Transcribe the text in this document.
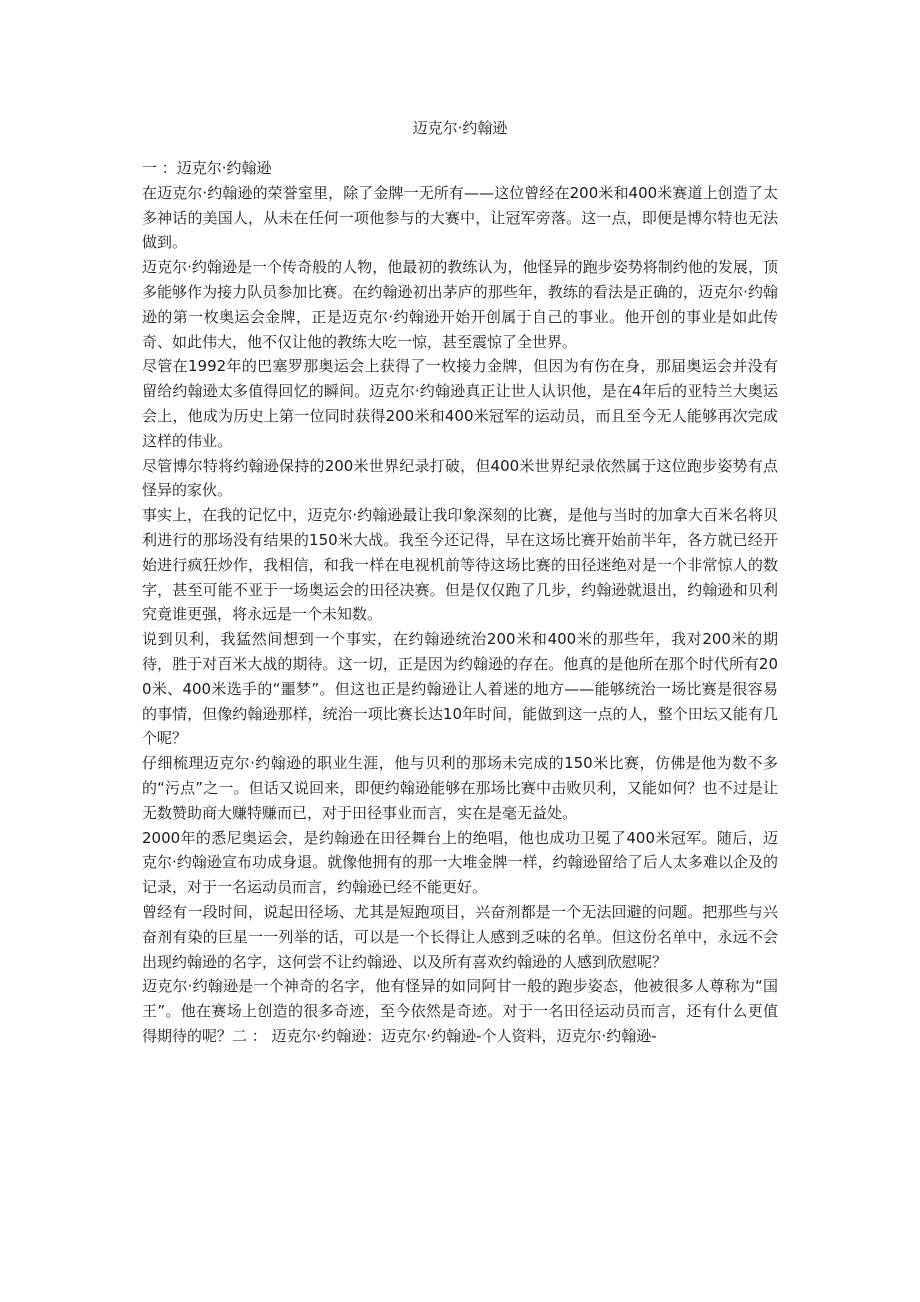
迈克尔·约翰逊

一 ：迈克尔·约翰逊

在迈克尔·约翰逊的荣誉室里，除了金牌一无所有——这位曾经在200米和400米赛道上创造了太多神话的美国人，从未在任何一项他参与的大赛中，让冠军旁落。这一点，即便是博尔特也无法做到。

迈克尔·约翰逊是一个传奇般的人物，他最初的教练认为，他怪异的跑步姿势将制约他的发展，顶多能够作为接力队员参加比赛。在约翰逊初出茅庐的那些年，教练的看法是正确的，迈克尔·约翰逊的第一枚奥运会金牌，正是迈克尔·约翰逊开始开创属于自己的事业。他开创的事业是如此传奇、如此伟大，他不仅让他的教练大吃一惊，甚至震惊了全世界。

尽管在1992年的巴塞罗那奥运会上获得了一枚接力金牌，但因为有伤在身，那届奥运会并没有留给约翰逊太多值得回忆的瞬间。迈克尔·约翰逊真正让世人认识他，是在4年后的亚特兰大奥运会上，他成为历史上第一位同时获得200米和400米冠军的运动员，而且至今无人能够再次完成这样的伟业。

尽管博尔特将约翰逊保持的200米世界纪录打破，但400米世界纪录依然属于这位跑步姿势有点怪异的家伙。

事实上，在我的记忆中，迈克尔·约翰逊最让我印象深刻的比赛，是他与当时的加拿大百米名将贝利进行的那场没有结果的150米大战。我至今还记得，早在这场比赛开始前半年，各方就已经开始进行疯狂炒作，我相信，和我一样在电视机前等待这场比赛的田径迷绝对是一个非常惊人的数字，甚至可能不亚于一场奥运会的田径决赛。但是仅仅跑了几步，约翰逊就退出，约翰逊和贝利究竟谁更强，将永远是一个未知数。

说到贝利，我猛然间想到一个事实，在约翰逊统治200米和400米的那些年，我对200米的期待，胜于对百米大战的期待。这一切，正是因为约翰逊的存在。他真的是他所在那个时代所有200米、400米选手的“噩梦”。但这也正是约翰逊让人着迷的地方——能够统治一场比赛是很容易的事情，但像约翰逊那样，统治一项比赛长达10年时间，能做到这一点的人，整个田坛又能有几个呢？

仔细梳理迈克尔·约翰逊的职业生涯，他与贝利的那场未完成的150米比赛，仿佛是他为数不多的“污点”之一。但话又说回来，即便约翰逊能够在那场比赛中击败贝利，又能如何？也不过是让无数赞助商大赚特赚而已，对于田径事业而言，实在是毫无益处。

2000年的悉尼奥运会，是约翰逊在田径舞台上的绝唱，他也成功卫冕了400米冠军。随后，迈克尔·约翰逊宣布功成身退。就像他拥有的那一大堆金牌一样，约翰逊留给了后人太多难以企及的记录，对于一名运动员而言，约翰逊已经不能更好。

曾经有一段时间，说起田径场、尤其是短跑项目，兴奋剂都是一个无法回避的问题。把那些与兴奋剂有染的巨星一一列举的话，可以是一个长得让人感到乏味的名单。但这份名单中，永远不会出现约翰逊的名字，这何尝不让约翰逊、以及所有喜欢约翰逊的人感到欣慰呢？

迈克尔·约翰逊是一个神奇的名字，他有怪异的如同阿甘一般的跑步姿态，他被很多人尊称为“国王”。他在赛场上创造的很多奇迹，至今依然是奇迹。对于一名田径运动员而言，还有什么更值得期待的呢？二 ： 迈克尔·约翰逊：迈克尔·约翰逊-个人资料，迈克尔·约翰逊-
